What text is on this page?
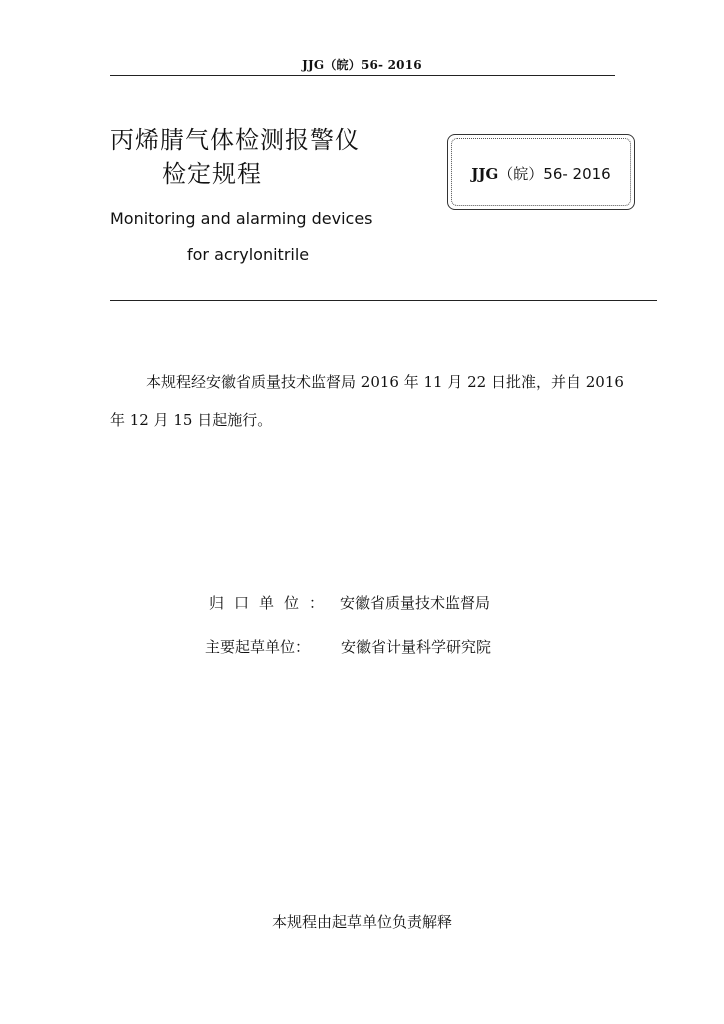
JJG（皖）56- 2016
丙烯腈气体检测报警仪
检定规程	JJG（皖）56- 2016
Monitoring and alarming devices
for acrylonitrile
本规程经安徽省质量技术监督局 2016 年 11 月 22 日批准，并自 2016 年 12 月 15 日起施行。
归口单位： 安徽省质量技术监督局
主要起草单位： 安徽省计量科学研究院
本规程由起草单位负责解释
